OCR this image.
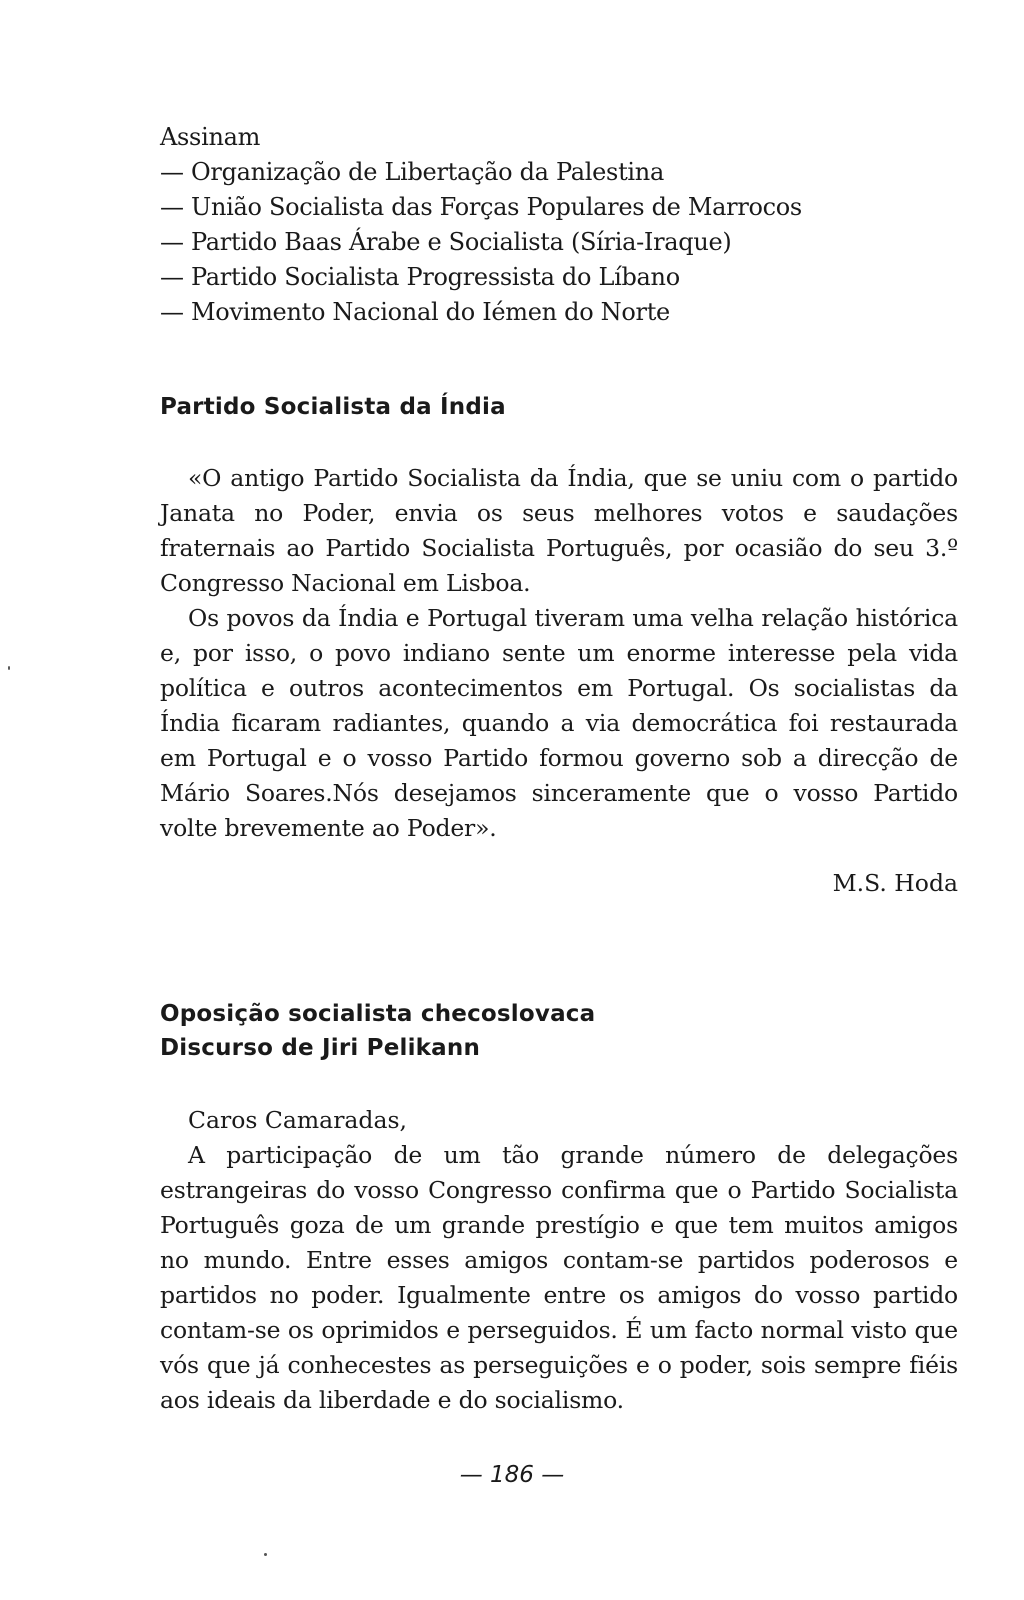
Assinam
— Organização de Libertação da Palestina
— União Socialista das Forças Populares de Marrocos
— Partido Baas Árabe e Socialista (Síria-Iraque)
— Partido Socialista Progressista do Líbano
— Movimento Nacional do Iémen do Norte
Partido Socialista da Índia

«O antigo Partido Socialista da Índia, que se uniu com o partido Janata no Poder, envia os seus melhores votos e saudações fraternais ao Partido Socialista Português, por ocasião do seu 3.º Congresso Nacional em Lisboa.

Os povos da Índia e Portugal tiveram uma velha relação histórica e, por isso, o povo indiano sente um enorme interesse pela vida política e outros acontecimentos em Portugal. Os socialistas da Índia ficaram radiantes, quando a via democrática foi restaurada em Portugal e o vosso Partido formou governo sob a direcção de Mário Soares.Nós desejamos sinceramente que o vosso Partido volte brevemente ao Poder».

M.S. Hoda
Oposição socialista checoslovaca
Discurso de Jiri Pelikann
Caros Camaradas,

A participação de um tão grande número de delegações estrangeiras do vosso Congresso confirma que o Partido Socialista Português goza de um grande prestígio e que tem muitos amigos no mundo. Entre esses amigos contam-se partidos poderosos e partidos no poder. Igualmente entre os amigos do vosso partido contam-se os oprimidos e perseguidos. É um facto normal visto que vós que já conhecestes as perseguições e o poder, sois sempre fiéis aos ideais da liberdade e do socialismo.

— 186 —
